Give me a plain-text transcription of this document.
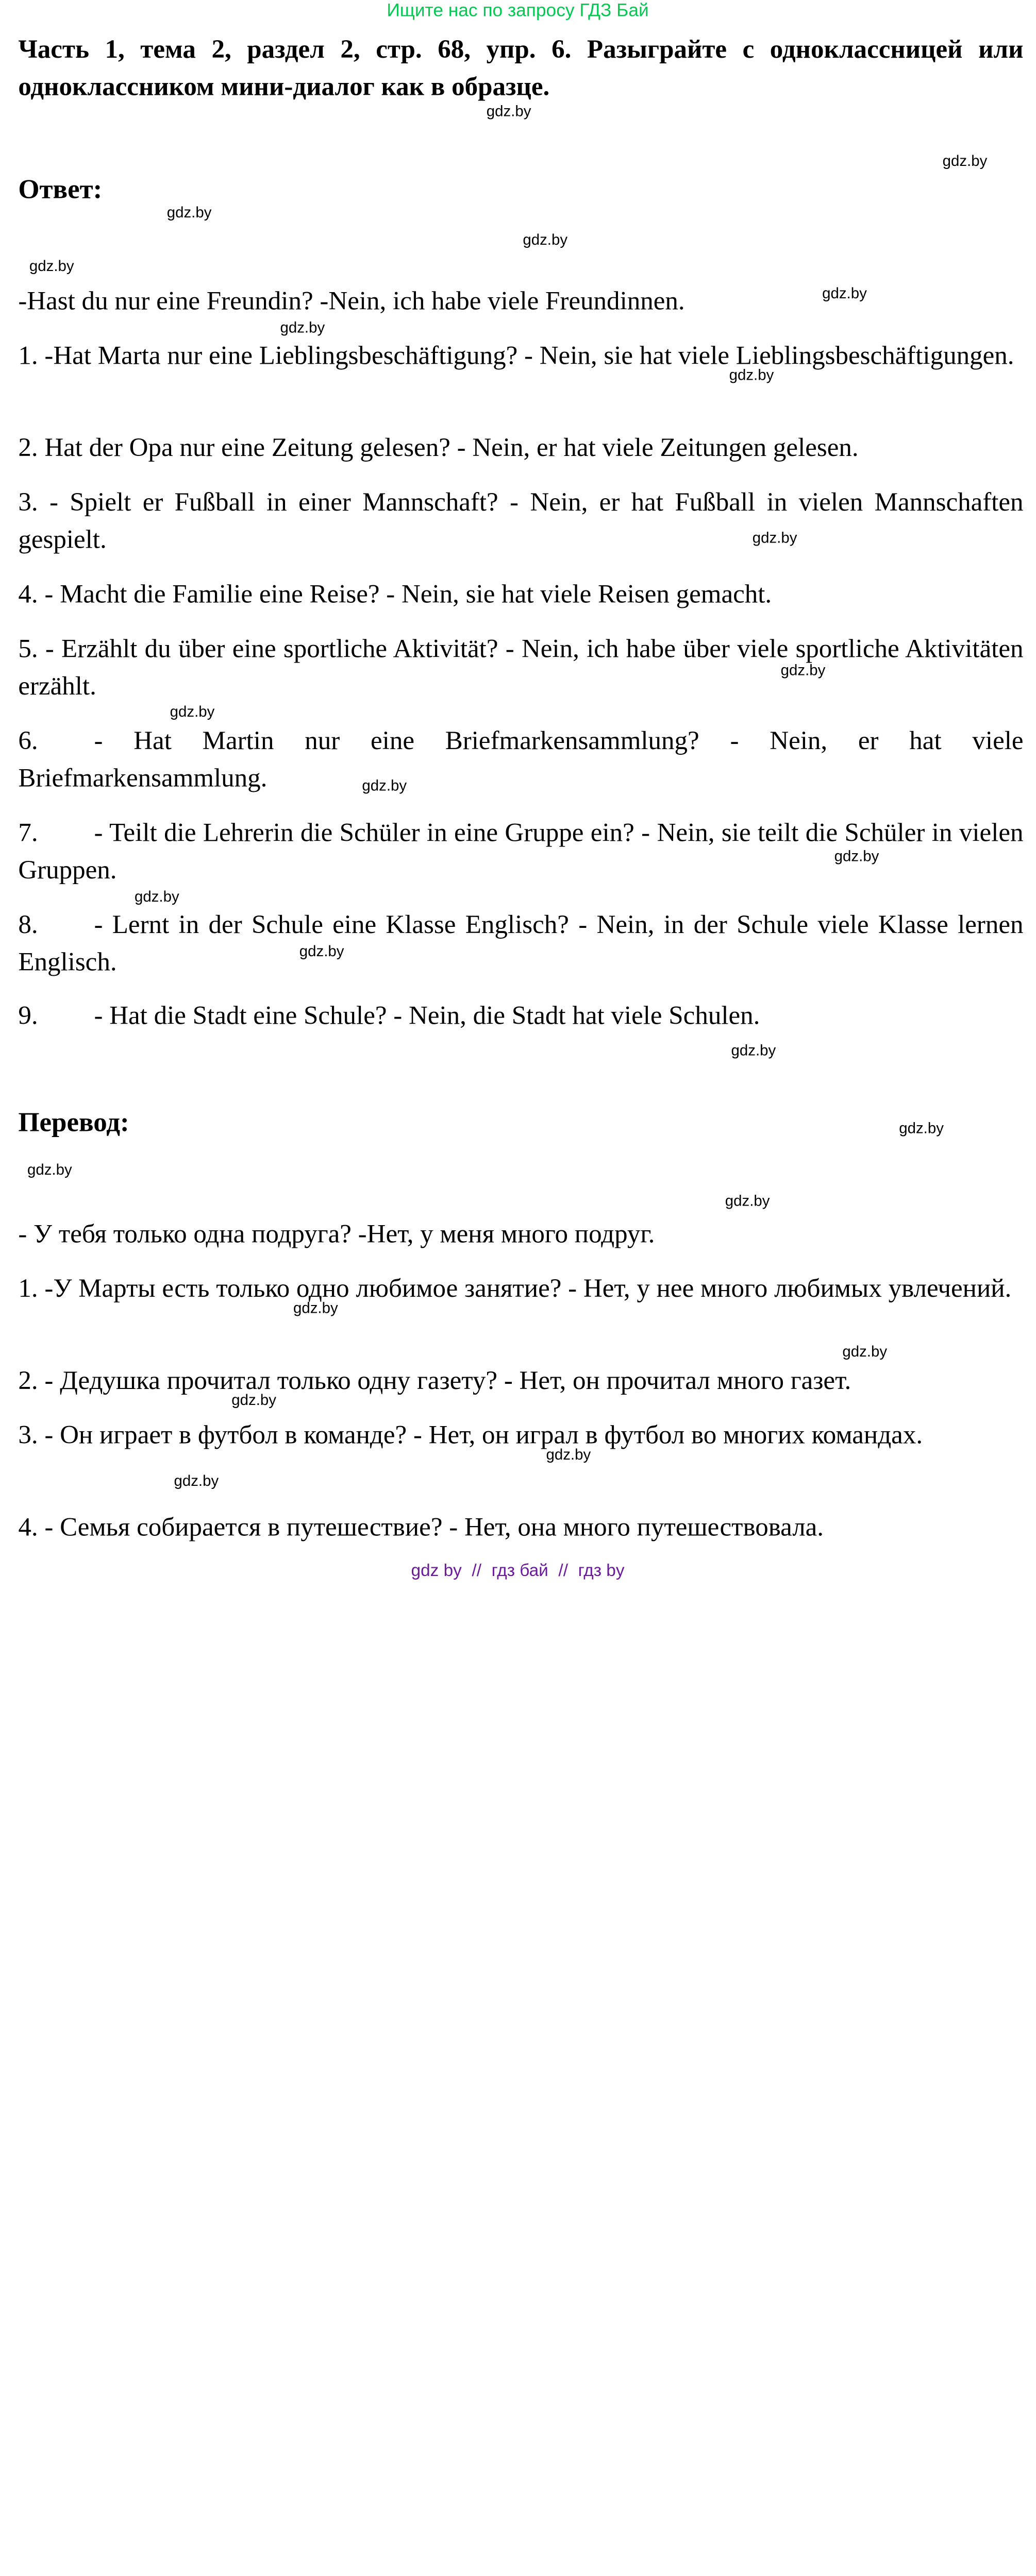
Ищите нас по запросу ГДЗ Бай
Часть 1, тема 2, раздел 2, стр. 68, упр. 6. Разыграйте с одноклассницей или одноклассником мини-диалог как в образце.
Ответ:
-Hast du nur eine Freundin? -Nein, ich habe viele Freundinnen.
1. -Hat Marta nur eine Lieblingsbeschäftigung? - Nein, sie hat viele Lieblingsbeschäftigungen.
2. Hat der Opa nur eine Zeitung gelesen? - Nein, er hat viele Zeitungen gelesen.
3. - Spielt er Fußball in einer Mannschaft? - Nein, er hat Fußball in vielen Mannschaften gespielt.
4. - Macht die Familie eine Reise? - Nein, sie hat viele Reisen gemacht.
5. - Erzählt du über eine sportliche Aktivität? - Nein, ich habe über viele sportliche Aktivitäten erzählt.
6.	- Hat Martin nur eine Briefmarkensammlung? - Nein, er hat viele Briefmarkensammlung.
7.	- Teilt die Lehrerin die Schüler in eine Gruppe ein? - Nein, sie teilt die Schüler in vielen Gruppen.
8.	- Lernt in der Schule eine Klasse Englisch? - Nein, in der Schule viele Klasse lernen Englisch.
9.	- Hat die Stadt eine Schule? - Nein, die Stadt hat viele Schulen.
Перевод:
- У тебя только одна подруга? -Нет, у меня много подруг.
1. -У Марты есть только одно любимое занятие? - Нет, у нее много любимых увлечений.
2. - Дедушка прочитал только одну газету? - Нет, он прочитал много газет.
3. - Он играет в футбол в команде? - Нет, он играл в футбол во многих командах.
4. - Семья собирается в путешествие? - Нет, она много путешествовала.
gdz.by
gdz.by
gdz.by
gdz.by
gdz.by
gdz.by
gdz.by
gdz.by
gdz.by
gdz.by
gdz.by
gdz.by
gdz.by
gdz.by
gdz.by
gdz.by
gdz.by
gdz.by
gdz.by
gdz.by
gdz.by
gdz.by
gdz.by
gdz.by
gdz by // гдз бай // гдз by
